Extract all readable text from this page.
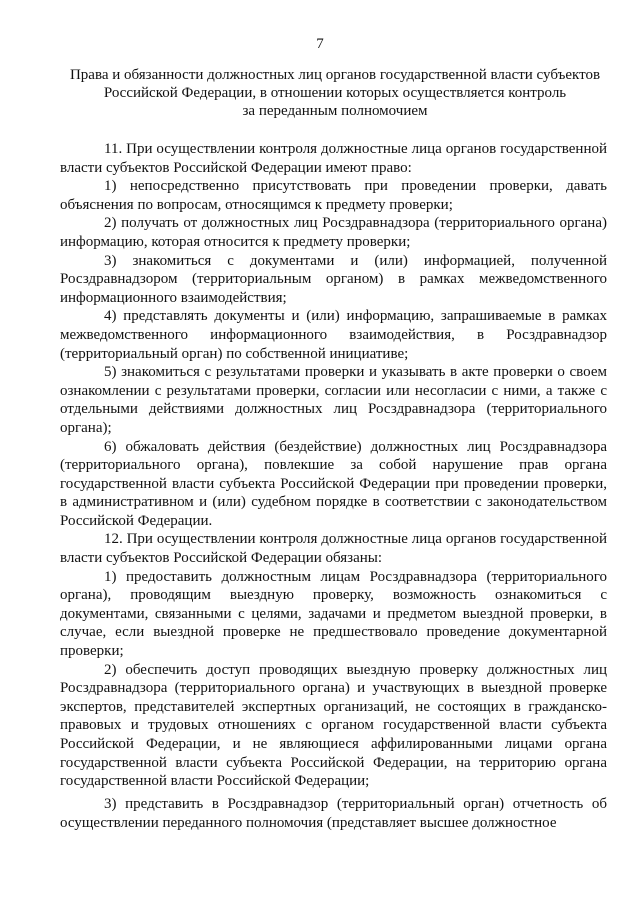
7
Права и обязанности должностных лиц органов государственной власти субъектов
Российской Федерации, в отношении которых осуществляется контроль
за переданным полномочием

11. При осуществлении контроля должностные лица органов государственной власти субъектов Российской Федерации имеют право:

1) непосредственно присутствовать при проведении проверки, давать объяснения по вопросам, относящимся к предмету проверки;

2) получать от должностных лиц Росздравнадзора (территориального органа) информацию, которая относится к предмету проверки;

3) знакомиться с документами и (или) информацией, полученной Росздравнадзором (территориальным органом) в рамках межведомственного информационного взаимодействия;

4) представлять документы и (или) информацию, запрашиваемые в рамках межведомственного информационного взаимодействия, в Росздравнадзор (территориальный орган) по собственной инициативе;

5) знакомиться с результатами проверки и указывать в акте проверки о своем ознакомлении с результатами проверки, согласии или несогласии с ними, а также с отдельными действиями должностных лиц Росздравнадзора (территориального органа);

6) обжаловать действия (бездействие) должностных лиц Росздравнадзора (территориального органа), повлекшие за собой нарушение прав органа государственной власти субъекта Российской Федерации при проведении проверки, в административном и (или) судебном порядке в соответствии с законодательством Российской Федерации.

12. При осуществлении контроля должностные лица органов государственной власти субъектов Российской Федерации обязаны:

1) предоставить должностным лицам Росздравнадзора (территориального органа), проводящим выездную проверку, возможность ознакомиться с документами, связанными с целями, задачами и предметом выездной проверки, в случае, если выездной проверке не предшествовало проведение документарной проверки;

2) обеспечить доступ проводящих выездную проверку должностных лиц Росздравнадзора (территориального органа) и участвующих в выездной проверке экспертов, представителей экспертных организаций, не состоящих в гражданско-правовых и трудовых отношениях с органом государственной власти субъекта Российской Федерации, и не являющиеся аффилированными лицами органа государственной власти субъекта Российской Федерации, на территорию органа государственной власти Российской Федерации;

3) представить в Росздравнадзор (территориальный орган) отчетность об осуществлении переданного полномочия (представляет высшее должностное
